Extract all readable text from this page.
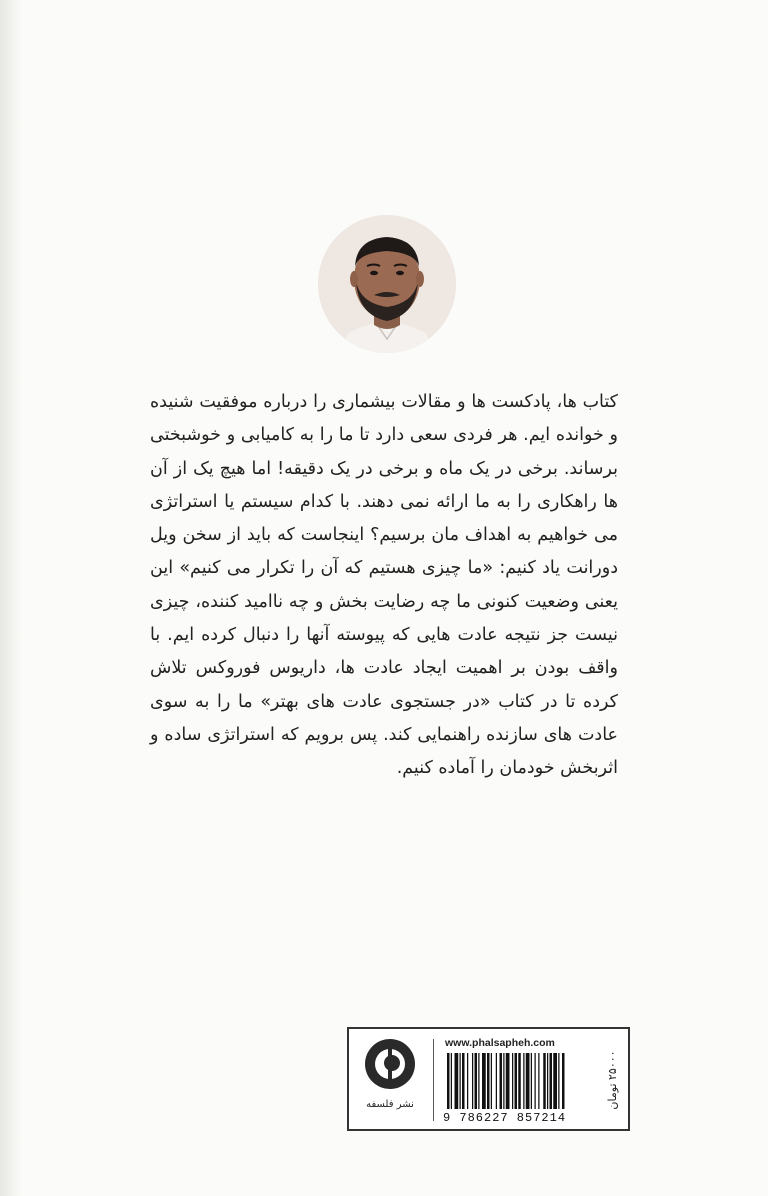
کتاب ها، پادکست ها و مقالات بیشماری را درباره موفقیت شنیده و خوانده ایم. هر فردی سعی دارد تا ما را به کامیابی و خوشبختی برساند. برخی در یک ماه و برخی در یک دقیقه! اما هیچ یک از آن ها راهکاری را به ما ارائه نمی دهند. با کدام سیستم یا استراتژی می خواهیم به اهداف مان برسیم؟ اینجاست که باید از سخن ویل دورانت یاد کنیم: «ما چیزی هستیم که آن را تکرار می کنیم» این یعنی وضعیت کنونی ما چه رضایت بخش و چه ناامید کننده، چیزی نیست جز نتیجه عادت هایی که پیوسته آنها را دنبال کرده ایم. با واقف بودن بر اهمیت ایجاد عادت ها، داریوس فوروکس تلاش کرده تا در کتاب «در جستجوی عادت های بهتر» ما را به سوی عادت های سازنده راهنمایی کند. پس برویم که استراتژی ساده و اثربخش خودمان را آماده کنیم.

نشر فلسفه
www.phalsapheh.com
9 786227 857214
۲۵۰۰۰ تومان
